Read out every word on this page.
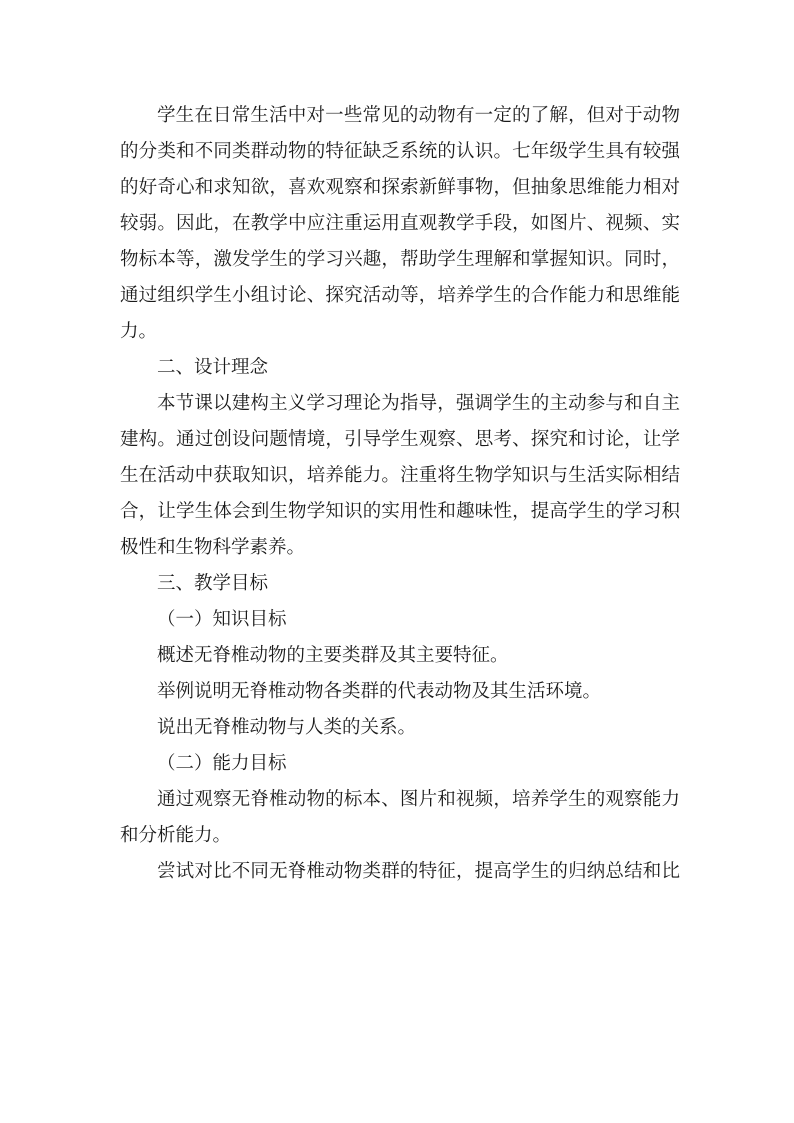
学生在日常生活中对一些常见的动物有一定的了解，但对于动物
的分类和不同类群动物的特征缺乏系统的认识。七年级学生具有较强
的好奇心和求知欲，喜欢观察和探索新鲜事物，但抽象思维能力相对
较弱。因此，在教学中应注重运用直观教学手段，如图片、视频、实
物标本等，激发学生的学习兴趣，帮助学生理解和掌握知识。同时，
通过组织学生小组讨论、探究活动等，培养学生的合作能力和思维能
力。
二、设计理念
本节课以建构主义学习理论为指导，强调学生的主动参与和自主
建构。通过创设问题情境，引导学生观察、思考、探究和讨论，让学
生在活动中获取知识，培养能力。注重将生物学知识与生活实际相结
合，让学生体会到生物学知识的实用性和趣味性，提高学生的学习积
极性和生物科学素养。
三、教学目标
（一）知识目标
概述无脊椎动物的主要类群及其主要特征。
举例说明无脊椎动物各类群的代表动物及其生活环境。
说出无脊椎动物与人类的关系。
（二）能力目标
通过观察无脊椎动物的标本、图片和视频，培养学生的观察能力
和分析能力。
尝试对比不同无脊椎动物类群的特征，提高学生的归纳总结和比
